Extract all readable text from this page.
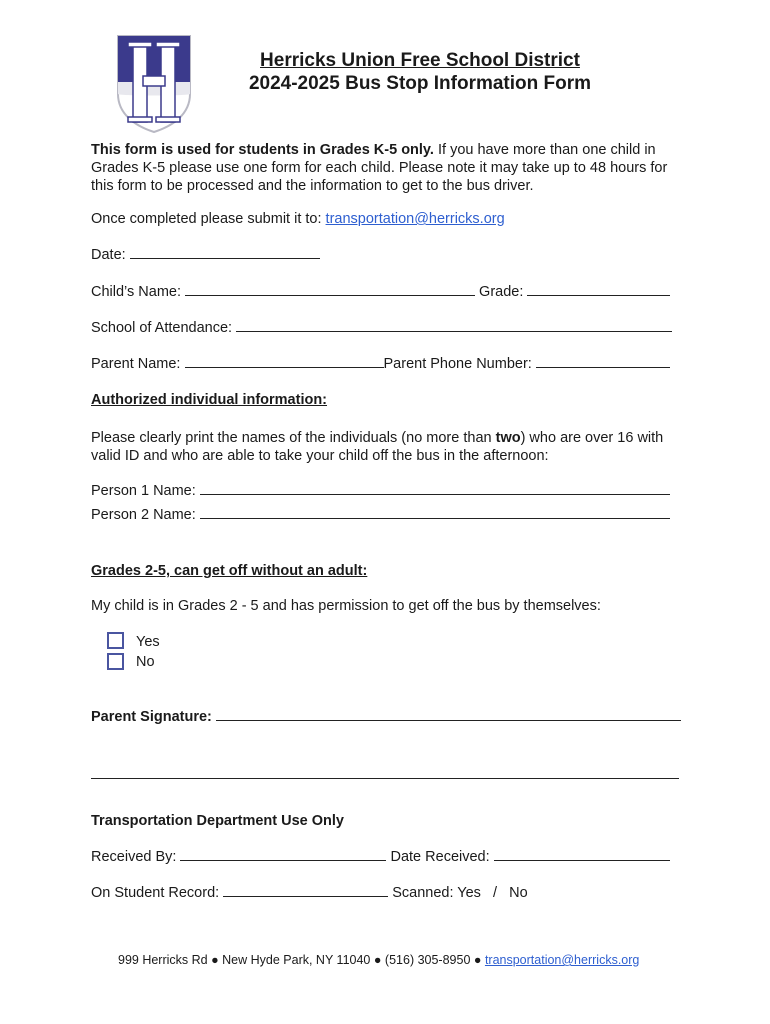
Herricks Union Free School District
2024-2025 Bus Stop Information Form
This form is used for students in Grades K-5 only. If you have more than one child in Grades K-5 please use one form for each child. Please note it may take up to 48 hours for this form to be processed and the information to get to the bus driver.
Once completed please submit it to: transportation@herricks.org
Date:
Child’s Name:	Grade:
School of Attendance:
Parent Name:	Parent Phone Number:
Authorized individual information:
Please clearly print the names of the individuals (no more than two) who are over 16 with valid ID and who are able to take your child off the bus in the afternoon:
Person 1 Name:
Person 2 Name:
Grades 2-5, can get off without an adult:
My child is in Grades 2 - 5 and has permission to get off the bus by themselves:
Yes
No
Parent Signature:
Transportation Department Use Only
Received By:	Date Received:
On Student Record:	Scanned: Yes   /   No
999 Herricks Rd ● New Hyde Park, NY 11040 ● (516) 305-8950 ● transportation@herricks.org
